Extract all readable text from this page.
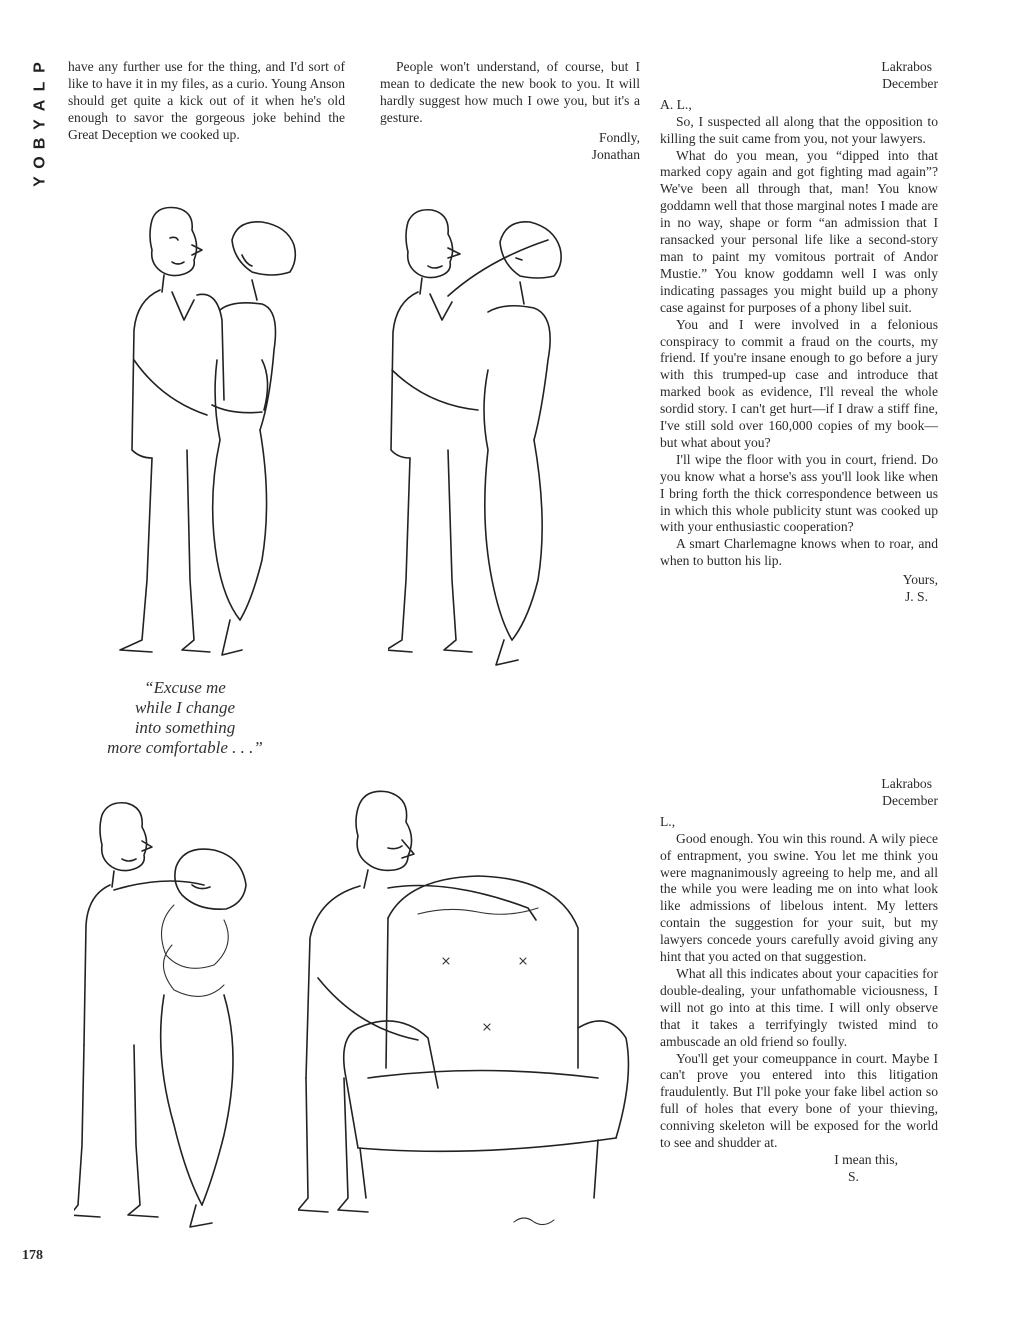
P
L
A
Y
B
O
Y

have any further use for the thing, and I'd sort of like to have it in my files, as a curio. Young Anson should get quite a kick out of it when he's old enough to savor the gorgeous joke behind the Great Deception we cooked up.

People won't understand, of course, but I mean to dedicate the new book to you. It will hardly suggest how much I owe you, but it's a gesture.

Fondly,

Jonathan

Lakrabos

December

A. L.,

So, I suspected all along that the opposition to killing the suit came from you, not your lawyers.

What do you mean, you “dipped into that marked copy again and got fighting mad again”? We've been all through that, man! You know goddamn well that those marginal notes I made are in no way, shape or form “an admission that I ransacked your personal life like a second-story man to paint my vomitous portrait of Andor Mustie.” You know goddamn well I was only indicating passages you might build up a phony case against for purposes of a phony libel suit.

You and I were involved in a felonious conspiracy to commit a fraud on the courts, my friend. If you're insane enough to go before a jury with this trumped-up case and introduce that marked book as evidence, I'll reveal the whole sordid story. I can't get hurt—if I draw a stiff fine, I've still sold over 160,000 copies of my book—but what about you?

I'll wipe the floor with you in court, friend. Do you know what a horse's ass you'll look like when I bring forth the thick correspondence between us in which this whole publicity stunt was cooked up with your enthusiastic cooperation?

A smart Charlemagne knows when to roar, and when to button his lip.

Yours,

J. S.

Lakrabos

December

L.,

Good enough. You win this round. A wily piece of entrapment, you swine. You let me think you were magnanimously agreeing to help me, and all the while you were leading me on into what look like admissions of libelous intent. My letters contain the suggestion for your suit, but my lawyers concede yours carefully avoid giving any hint that you acted on that suggestion.

What all this indicates about your capacities for double-dealing, your unfathomable viciousness, I will not go into at this time. I will only observe that it takes a terrifyingly twisted mind to ambuscade an old friend so foully.

You'll get your comeuppance in court. Maybe I can't prove you entered into this litigation fraudulently. But I'll poke your fake libel action so full of holes that every bone of your thieving, conniving skeleton will be exposed for the world to see and shudder at.

I mean this,

S.

“Excuse me
while I change
into something
more comfortable . . .”
178
